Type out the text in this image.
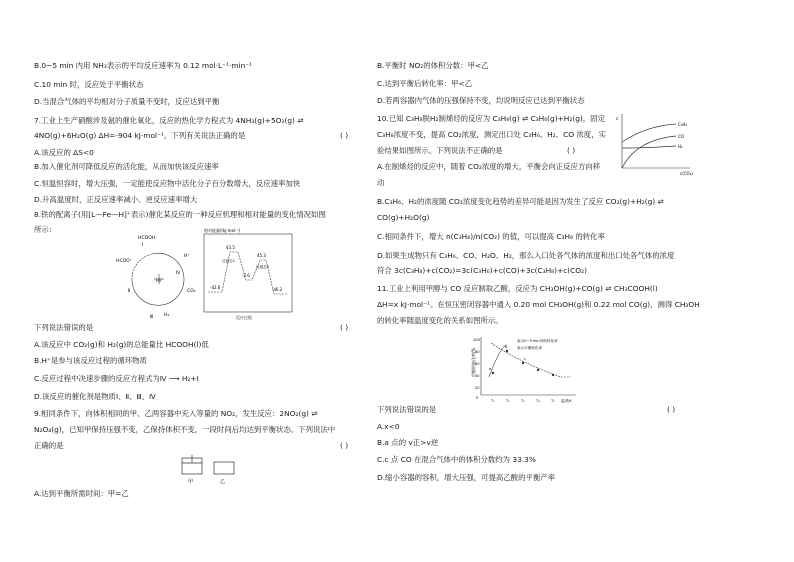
B.0~5 min 内用 NH₃表示的平均反应速率为 0.12 mol·L⁻¹·min⁻¹
C.10 min 时，反应处于平衡状态
D.当混合气体的平均相对分子质量不变时，反应达到平衡
7.工业上生产硝酸涉及氨的催化氧化，反应的热化学方程式为 4NH₃(g)+5O₂(g) ⇌
4NO(g)+6H₂O(g) ΔH=-904 kJ·mol⁻¹。下列有关说法正确的是	( )
A.该反应的 ΔS<0
B.加入催化剂可降低反应的活化能，从而加快该反应速率
C.恒温恒容时，增大压强，一定能使反应物中活化分子百分数增大，反应速率加快
D.升高温度时，正反应速率减小、逆反应速率增大
8.铁的配离子(用[L—Fe—H]⁺表示)催化某反应的一种反应机理和相对能量的变化情况如图
所示：
HCOOH
HCOO⁻
H⁺
CO₂
H₂
Fe
Ⅰ
Ⅱ
Ⅲ
Ⅳ
相对能量/(kJ·mol⁻¹)
43.5
45.3
-2.6
-42.6	-46.2
过渡态1
过渡态2
反应过程
下列说法错误的是	( )
A.该反应中 CO₂(g)和 H₂(g)的总能量比 HCOOH(l)低
B.H⁺是参与该反应过程的循环物质
C.反应过程中决速步骤的反应方程式为Ⅳ ⟶ H₂+Ⅰ
D.该反应的催化剂是物质Ⅰ、Ⅱ、Ⅲ、Ⅳ
9.相同条件下，向体积相同的甲、乙两容器中充入等量的 NO₂，发生反应：2NO₂(g) ⇌
N₂O₄(g)，已知甲保持压强不变，乙保持体积不变，一段时间后均达到平衡状态。下列说法中
正确的是	( )
甲	乙
A.达到平衡所需时间：甲=乙
B.平衡时 NO₂的体积分数：甲<乙
C.达到平衡后转化率：甲<乙
D.若两容器内气体的压强保持不变，均说明反应已达到平衡状态
10.已知 C₃H₈脱H₂制烯烃的反应为 C₃H₈(g) ⇌ C₃H₆(g)+H₂(g)，固定
C₃H₈浓度不变，提高 CO₂浓度，测定出口处 C₃H₆、H₂、CO 浓度，实
验结果如图所示。下列说法不正确的是	( )
c
c(CO₂)
C₃H₆
CO
H₂
A.在制烯烃的反应中，随着 CO₂浓度的增大，平衡会向正反应方向移
动
B.C₃H₆、H₂的浓度随 CO₂浓度变化趋势的差异可能是因为发生了反应 CO₂(g)+H₂(g) ⇌
CO(g)+H₂O(g)
C.相同条件下，增大 n(C₃H₈)/n(CO₂) 的值，可以提高 C₃H₈ 的转化率
D.如果生成物只有 C₃H₆、CO、H₂O、H₂，那么入口处各气体的浓度和出口处各气体的浓度
符合 3c(C₃H₈)+c(CO₂)=3c(C₃H₆)+c(CO)+3c(C₃H₈)+c(CO₂)
11.工业上利用甲醇与 CO 反应制取乙酸，反应为 CH₃OH(g)+CO(g) ⇌ CH₃COOH(l)
ΔH=x kJ·mol⁻¹。在恒压密闭容器中通入 0.20 mol CH₃OH(g)和 0.22 mol CO(g)，测得 CH₃OH
的转化率随温度变化的关系如图所示。
甲醇的转化率/%
100
80
60
40
20
0
T₁	T₂	T₃	T₄	T₅ 温度/K
a
b
c
表示0~5 min内的转化率
表示平衡转化率
下列说法错误的是	( )
A.x<0
B.a 点的 v正>v逆
C.c 点 CO 在混合气体中的体积分数约为 33.3%
D.缩小容器的容积，增大压强，可提高乙酸的平衡产率
